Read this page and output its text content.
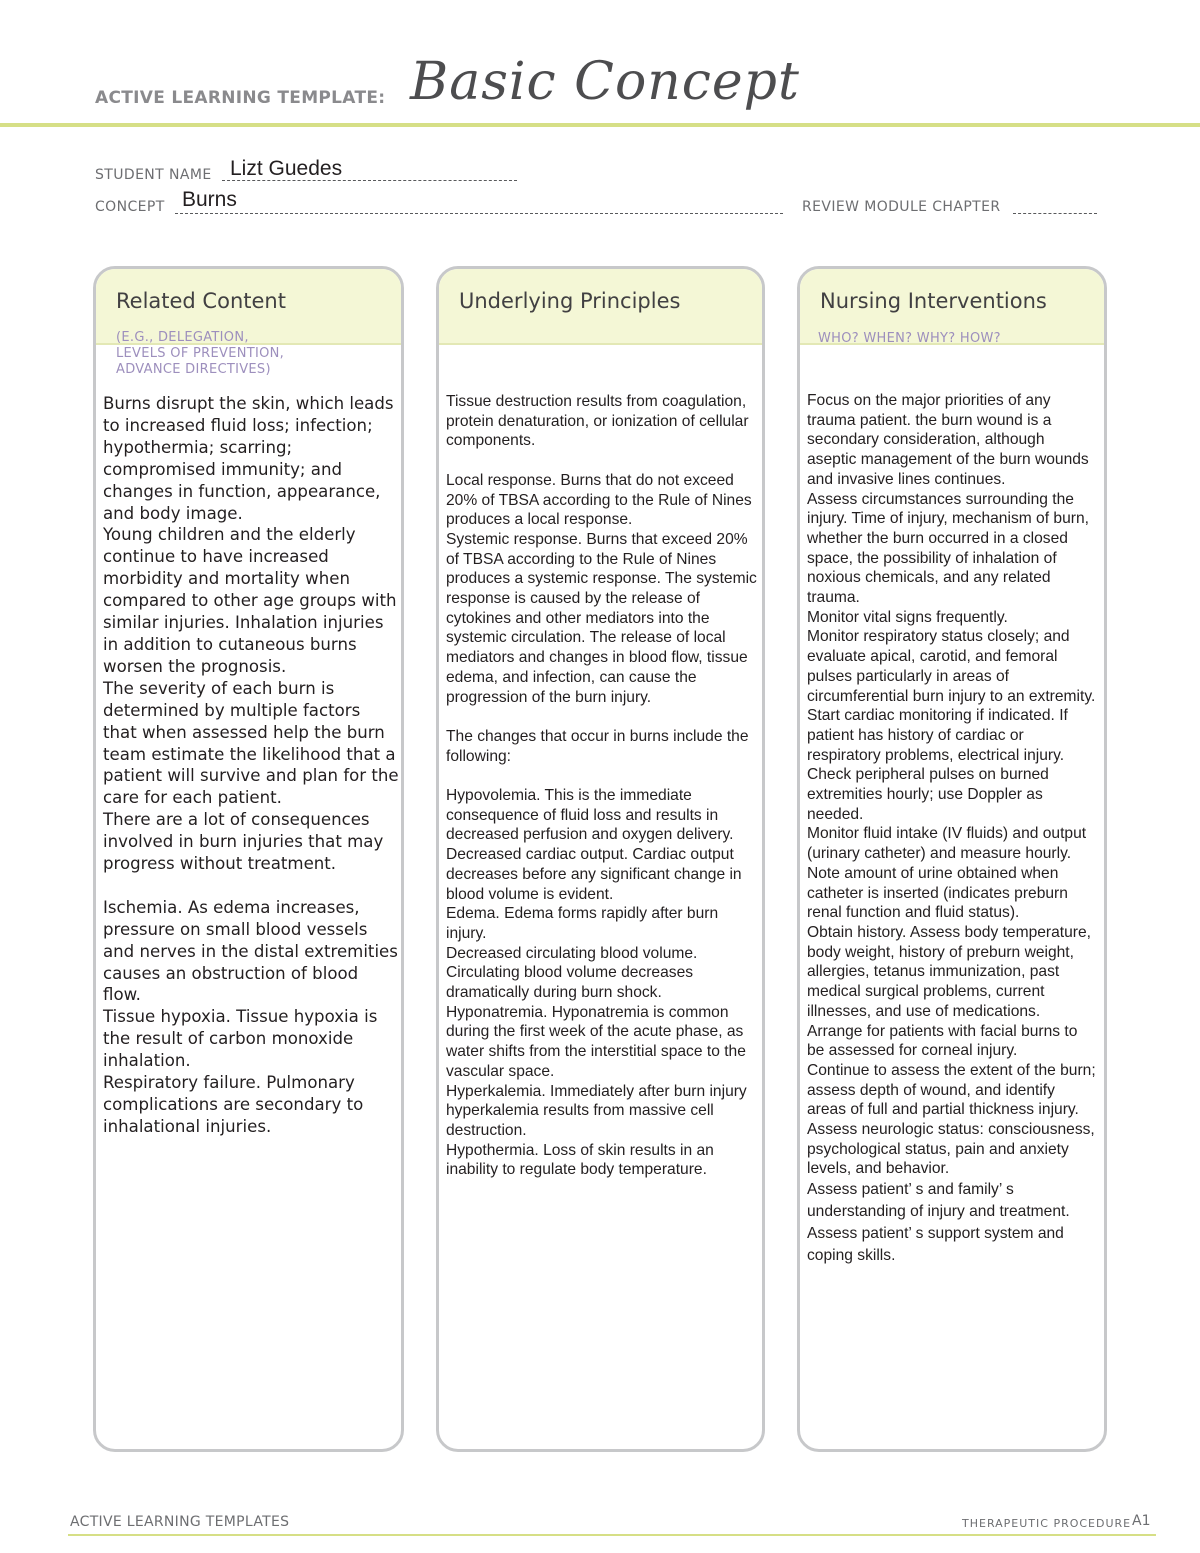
ACTIVE LEARNING TEMPLATE: Basic Concept
STUDENT NAME Lizt Guedes
CONCEPT Burns	REVIEW MODULE CHAPTER
Related Content
(E.G., DELEGATION,
LEVELS OF PREVENTION,
ADVANCE DIRECTIVES)

Burns disrupt the skin, which leads to increased fluid loss; infection; hypothermia; scarring; compromised immunity; and changes in function, appearance, and body image.

Young children and the elderly continue to have increased morbidity and mortality when compared to other age groups with similar injuries. Inhalation injuries in addition to cutaneous burns worsen the prognosis.

The severity of each burn is determined by multiple factors that when assessed help the burn team estimate the likelihood that a patient will survive and plan for the care for each patient.

There are a lot of consequences involved in burn injuries that may progress without treatment.

Ischemia. As edema increases, pressure on small blood vessels and nerves in the distal extremities causes an obstruction of blood flow.

Tissue hypoxia. Tissue hypoxia is the result of carbon monoxide inhalation.

Respiratory failure. Pulmonary complications are secondary to inhalational injuries.

Underlying Principles

Tissue destruction results from coagulation, protein denaturation, or ionization of cellular components.

Local response. Burns that do not exceed 20% of TBSA according to the Rule of Nines produces a local response.

Systemic response. Burns that exceed 20% of TBSA according to the Rule of Nines produces a systemic response. The systemic response is caused by the release of cytokines and other mediators into the systemic circulation. The release of local mediators and changes in blood flow, tissue edema, and infection, can cause the progression of the burn injury.

The changes that occur in burns include the following:

Hypovolemia. This is the immediate consequence of fluid loss and results in decreased perfusion and oxygen delivery.

Decreased cardiac output. Cardiac output decreases before any significant change in blood volume is evident.

Edema. Edema forms rapidly after burn injury.

Decreased circulating blood volume. Circulating blood volume decreases dramatically during burn shock.

Hyponatremia. Hyponatremia is common during the first week of the acute phase, as water shifts from the interstitial space to the vascular space.

Hyperkalemia. Immediately after burn injury hyperkalemia results from massive cell destruction.

Hypothermia. Loss of skin results in an inability to regulate body temperature.

Nursing Interventions
WHO? WHEN? WHY? HOW?

Focus on the major priorities of any trauma patient. the burn wound is a secondary consideration, although aseptic management of the burn wounds and invasive lines continues.

Assess circumstances surrounding the injury. Time of injury, mechanism of burn, whether the burn occurred in a closed space, the possibility of inhalation of noxious chemicals, and any related trauma.

Monitor vital signs frequently.

Monitor respiratory status closely; and evaluate apical, carotid, and femoral pulses particularly in areas of circumferential burn injury to an extremity.

Start cardiac monitoring if indicated. If patient has history of cardiac or respiratory problems, electrical injury.

Check peripheral pulses on burned extremities hourly; use Doppler as needed.

Monitor fluid intake (IV fluids) and output (urinary catheter) and measure hourly. Note amount of urine obtained when catheter is inserted (indicates preburn renal function and fluid status).

Obtain history. Assess body temperature, body weight, history of preburn weight, allergies, tetanus immunization, past medical surgical problems, current illnesses, and use of medications.

Arrange for patients with facial burns to be assessed for corneal injury.

Continue to assess the extent of the burn; assess depth of wound, and identify areas of full and partial thickness injury.

Assess neurologic status: consciousness, psychological status, pain and anxiety levels, and behavior.

Assess patient’ s and family’ s understanding of injury and treatment. Assess patient’ s support system and coping skills.

ACTIVE LEARNING TEMPLATES	THERAPEUTIC PROCEDURE A1
